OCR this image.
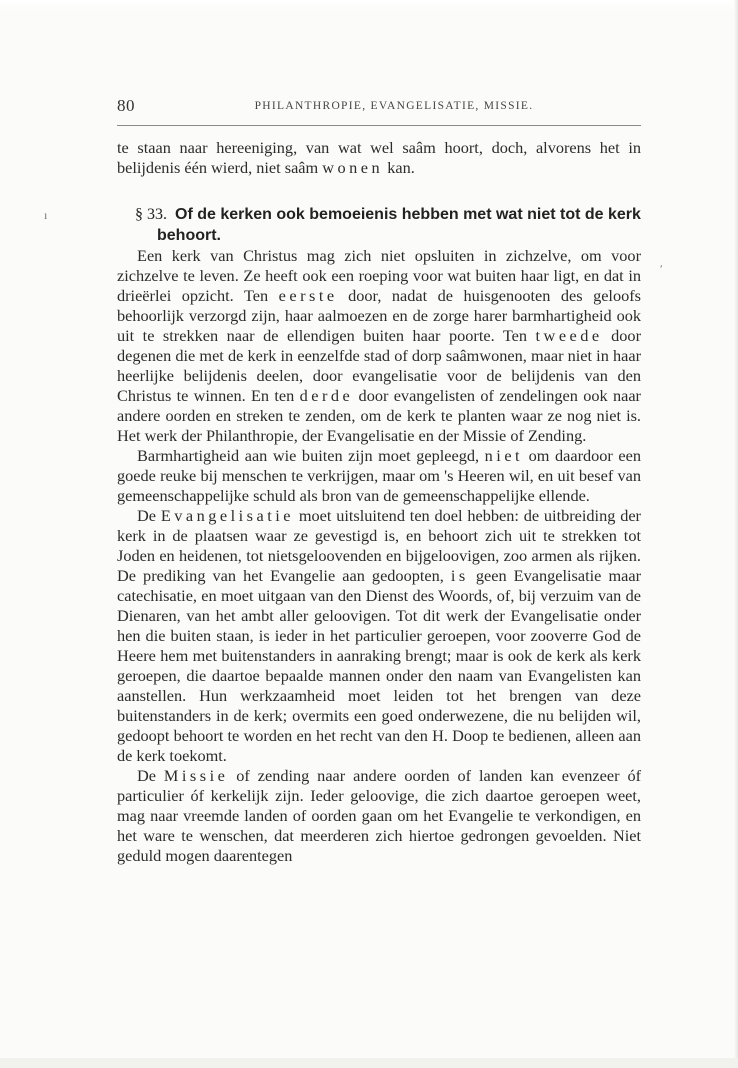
80	PHILANTHROPIE, EVANGELISATIE, MISSIE.
ı
ʹ

te staan naar hereeniging, van wat wel saâm hoort, doch, alvorens het in belijdenis één wierd, niet saâm wonen kan.

§ 33. Of de kerken ook bemoeienis hebben met wat niet tot de kerk behoort.

Een kerk van Christus mag zich niet opsluiten in zichzelve, om voor zichzelve te leven. Ze heeft ook een roeping voor wat buiten haar ligt, en dat in drieërlei opzicht. Ten eerste door, nadat de huisgenooten des geloofs behoorlijk verzorgd zijn, haar aalmoezen en de zorge harer barmhartigheid ook uit te strekken naar de ellendigen buiten haar poorte. Ten tweede door degenen die met de kerk in eenzelfde stad of dorp saâmwonen, maar niet in haar heerlijke belijdenis deelen, door evangelisatie voor de belijdenis van den Christus te winnen. En ten derde door evangelisten of zendelingen ook naar andere oorden en streken te zenden, om de kerk te planten waar ze nog niet is. Het werk der Philanthropie, der Evangelisatie en der Missie of Zending.

Barmhartigheid aan wie buiten zijn moet gepleegd, niet om daardoor een goede reuke bij menschen te verkrijgen, maar om 's Heeren wil, en uit besef van gemeenschappelijke schuld als bron van de gemeenschappelijke ellende.

De Evangelisatie moet uitsluitend ten doel hebben: de uitbreiding der kerk in de plaatsen waar ze gevestigd is, en behoort zich uit te strekken tot Joden en heidenen, tot nietsgeloovenden en bijgeloovigen, zoo armen als rijken. De prediking van het Evangelie aan gedoopten, is geen Evangelisatie maar catechisatie, en moet uitgaan van den Dienst des Woords, of, bij verzuim van de Dienaren, van het ambt aller geloovigen. Tot dit werk der Evangelisatie onder hen die buiten staan, is ieder in het particulier geroepen, voor zooverre God de Heere hem met buitenstanders in aanraking brengt; maar is ook de kerk als kerk geroepen, die daartoe bepaalde mannen onder den naam van Evangelisten kan aanstellen. Hun werkzaamheid moet leiden tot het brengen van deze buitenstanders in de kerk; overmits een goed onderwezene, die nu belijden wil, gedoopt behoort te worden en het recht van den H. Doop te bedienen, alleen aan de kerk toekomt.

De Missie of zending naar andere oorden of landen kan evenzeer óf particulier óf kerkelijk zijn. Ieder geloovige, die zich daartoe geroepen weet, mag naar vreemde landen of oorden gaan om het Evangelie te verkondigen, en het ware te wenschen, dat meerderen zich hiertoe gedrongen gevoelden. Niet geduld mogen daarentegen
